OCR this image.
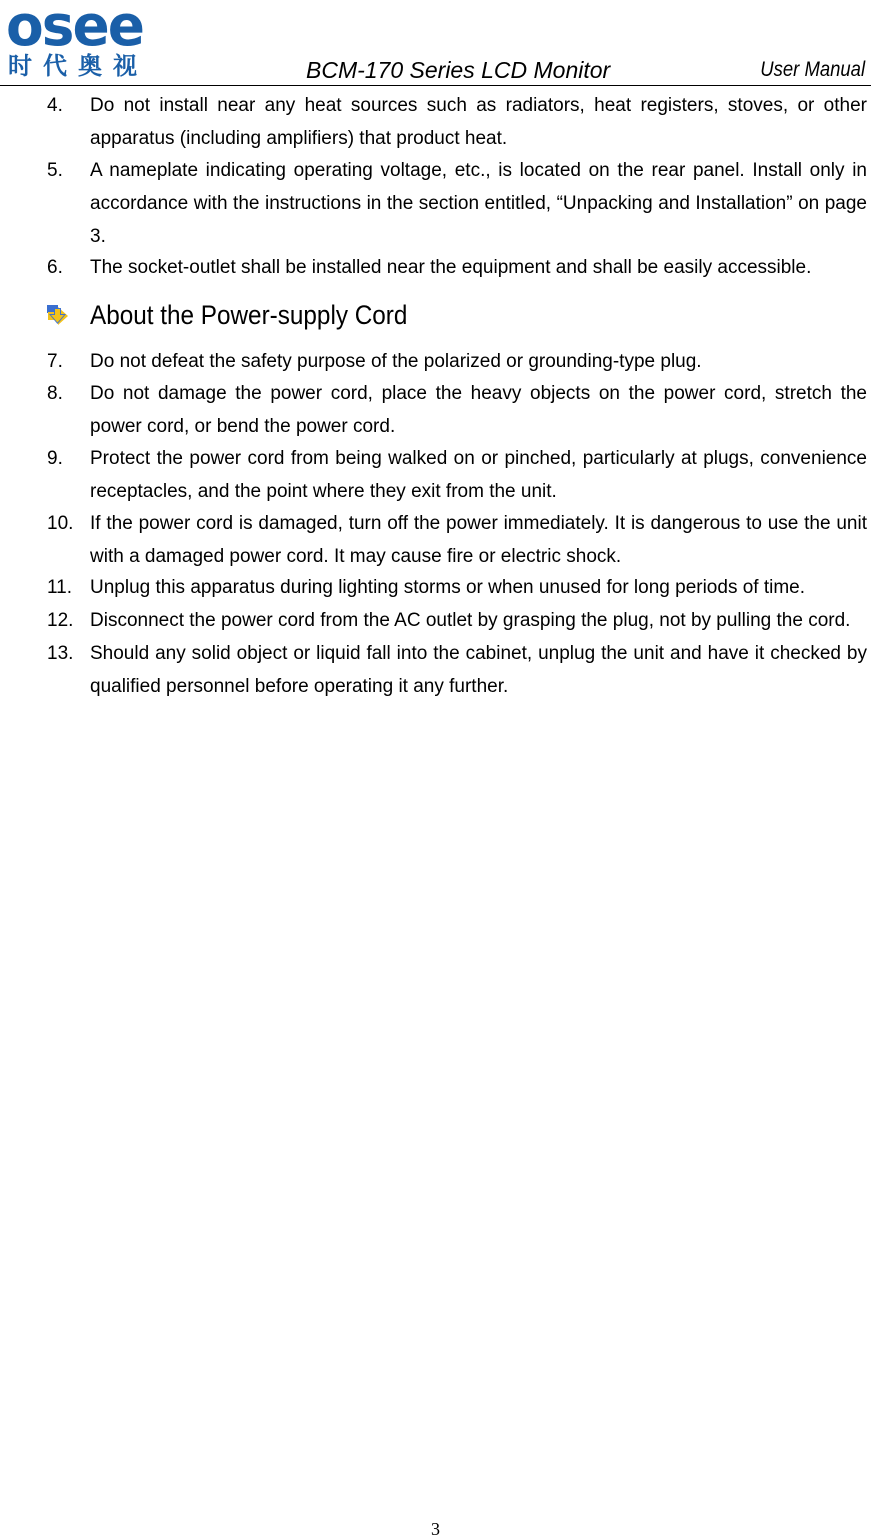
osee
时代奥视	BCM-170 Series LCD Monitor	User Manual
4. Do not install near any heat sources such as radiators, heat registers, stoves, or other apparatus (including amplifiers) that product heat.
5. A nameplate indicating operating voltage, etc., is located on the rear panel. Install only in accordance with the instructions in the section entitled, “Unpacking and Installation” on page 3.
6. The socket-outlet shall be installed near the equipment and shall be easily accessible.
About the Power-supply Cord
7. Do not defeat the safety purpose of the polarized or grounding-type plug.
8. Do not damage the power cord, place the heavy objects on the power cord, stretch the power cord, or bend the power cord.
9. Protect the power cord from being walked on or pinched, particularly at plugs, convenience receptacles, and the point where they exit from the unit.
10. If the power cord is damaged, turn off the power immediately. It is dangerous to use the unit with a damaged power cord. It may cause fire or electric shock.
11. Unplug this apparatus during lighting storms or when unused for long periods of time.
12. Disconnect the power cord from the AC outlet by grasping the plug, not by pulling the cord.
13. Should any solid object or liquid fall into the cabinet, unplug the unit and have it checked by qualified personnel before operating it any further.
3
